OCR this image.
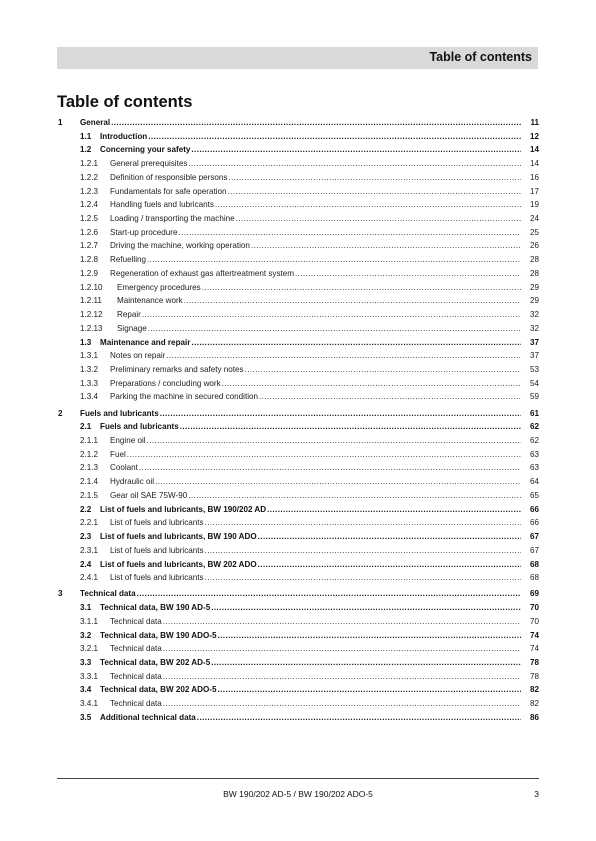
Table of contents
Table of contents
1 General .....	11
1.1	Introduction .....	12
1.2	Concerning your safety .....	14
1.2.1	General prerequisites .....	14
1.2.2	Definition of responsible persons .....	16
1.2.3	Fundamentals for safe operation .....	17
1.2.4	Handling fuels and lubricants .....	19
1.2.5	Loading / transporting the machine .....	24
1.2.6	Start-up procedure .....	25
1.2.7	Driving the machine, working operation .....	26
1.2.8	Refuelling .....	28
1.2.9	Regeneration of exhaust gas aftertreatment system .....	28
1.2.10	Emergency procedures .....	29
1.2.11	Maintenance work .....	29
1.2.12	Repair .....	32
1.2.13	Signage .....	32
1.3	Maintenance and repair .....	37
1.3.1	Notes on repair .....	37
1.3.2	Preliminary remarks and safety notes .....	53
1.3.3	Preparations / concluding work .....	54
1.3.4	Parking the machine in secured condition .....	59
2 Fuels and lubricants .....	61
2.1	Fuels and lubricants .....	62
2.1.1	Engine oil .....	62
2.1.2	Fuel .....	63
2.1.3	Coolant .....	63
2.1.4	Hydraulic oil .....	64
2.1.5	Gear oil SAE 75W-90 .....	65
2.2	List of fuels and lubricants, BW 190/202 AD .....	66
2.2.1	List of fuels and lubricants .....	66
2.3	List of fuels and lubricants, BW 190 ADO .....	67
2.3.1	List of fuels and lubricants .....	67
2.4	List of fuels and lubricants, BW 202 ADO .....	68
2.4.1	List of fuels and lubricants .....	68
3 Technical data .....	69
3.1	Technical data, BW 190 AD-5 .....	70
3.1.1	Technical data .....	70
3.2	Technical data, BW 190 ADO-5 .....	74
3.2.1	Technical data .....	74
3.3	Technical data, BW 202 AD-5 .....	78
3.3.1	Technical data .....	78
3.4	Technical data, BW 202 ADO-5 .....	82
3.4.1	Technical data .....	82
3.5	Additional technical data .....	86
BW 190/202 AD-5 / BW 190/202 ADO-5	3
